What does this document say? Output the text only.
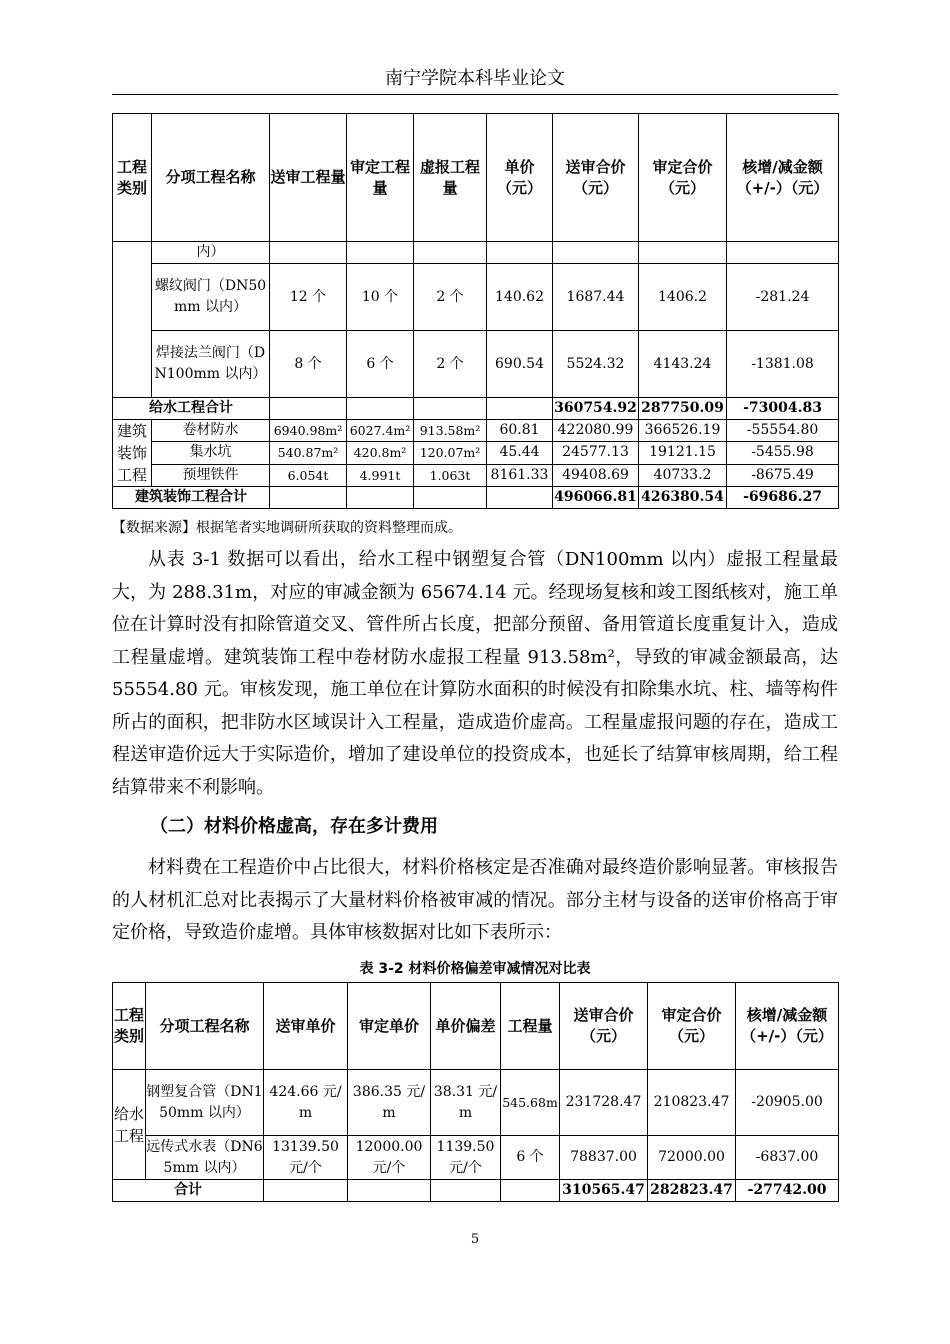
南宁学院本科毕业论文
工程类别	分项工程名称	送审工程量	审定工程量	虚报工程量	单价（元）	送审合价（元）	审定合价（元）	核增/减金额（+/-）（元）
	内）							
	螺纹阀门（DN50mm 以内）	12 个	10 个	2 个	140.62	1687.44	1406.2	-281.24
	焊接法兰阀门（DN100mm 以内）	8 个	6 个	2 个	690.54	5524.32	4143.24	-1381.08
给水工程合计						360754.92	287750.09	-73004.83
建筑装饰工程	卷材防水	6940.98m²	6027.4m²	913.58m²	60.81	422080.99	366526.19	-55554.80
	集水坑	540.87m²	420.8m²	120.07m²	45.44	24577.13	19121.15	-5455.98
	预埋铁件	6.054t	4.991t	1.063t	8161.33	49408.69	40733.2	-8675.49
建筑装饰工程合计						496066.81	426380.54	-69686.27
【数据来源】根据笔者实地调研所获取的资料整理而成。
从表 3-1 数据可以看出，给水工程中钢塑复合管（DN100mm 以内）虚报工程量最大，为 288.31m，对应的审减金额为 65674.14 元。经现场复核和竣工图纸核对，施工单位在计算时没有扣除管道交叉、管件所占长度，把部分预留、备用管道长度重复计入，造成工程量虚增。建筑装饰工程中卷材防水虚报工程量 913.58m²，导致的审减金额最高，达 55554.80 元。审核发现，施工单位在计算防水面积的时候没有扣除集水坑、柱、墙等构件所占的面积，把非防水区域误计入工程量，造成造价虚高。工程量虚报问题的存在，造成工程送审造价远大于实际造价，增加了建设单位的投资成本，也延长了结算审核周期，给工程结算带来不利影响。
（二）材料价格虚高，存在多计费用
材料费在工程造价中占比很大，材料价格核定是否准确对最终造价影响显著。审核报告的人材机汇总对比表揭示了大量材料价格被审减的情况。部分主材与设备的送审价格高于审定价格，导致造价虚增。具体审核数据对比如下表所示：
表 3-2 材料价格偏差审减情况对比表
工程类别	分项工程名称	送审单价	审定单价	单价偏差	工程量	送审合价（元）	审定合价（元）	核增/减金额（+/-）（元）
给水工程	钢塑复合管（DN150mm 以内）	424.66 元/m	386.35 元/m	38.31 元/m	545.68m	231728.47	210823.47	-20905.00
	远传式水表（DN65mm 以内）	13139.50 元/个	12000.00 元/个	1139.50 元/个	6 个	78837.00	72000.00	-6837.00
合计						310565.47	282823.47	-27742.00
5
